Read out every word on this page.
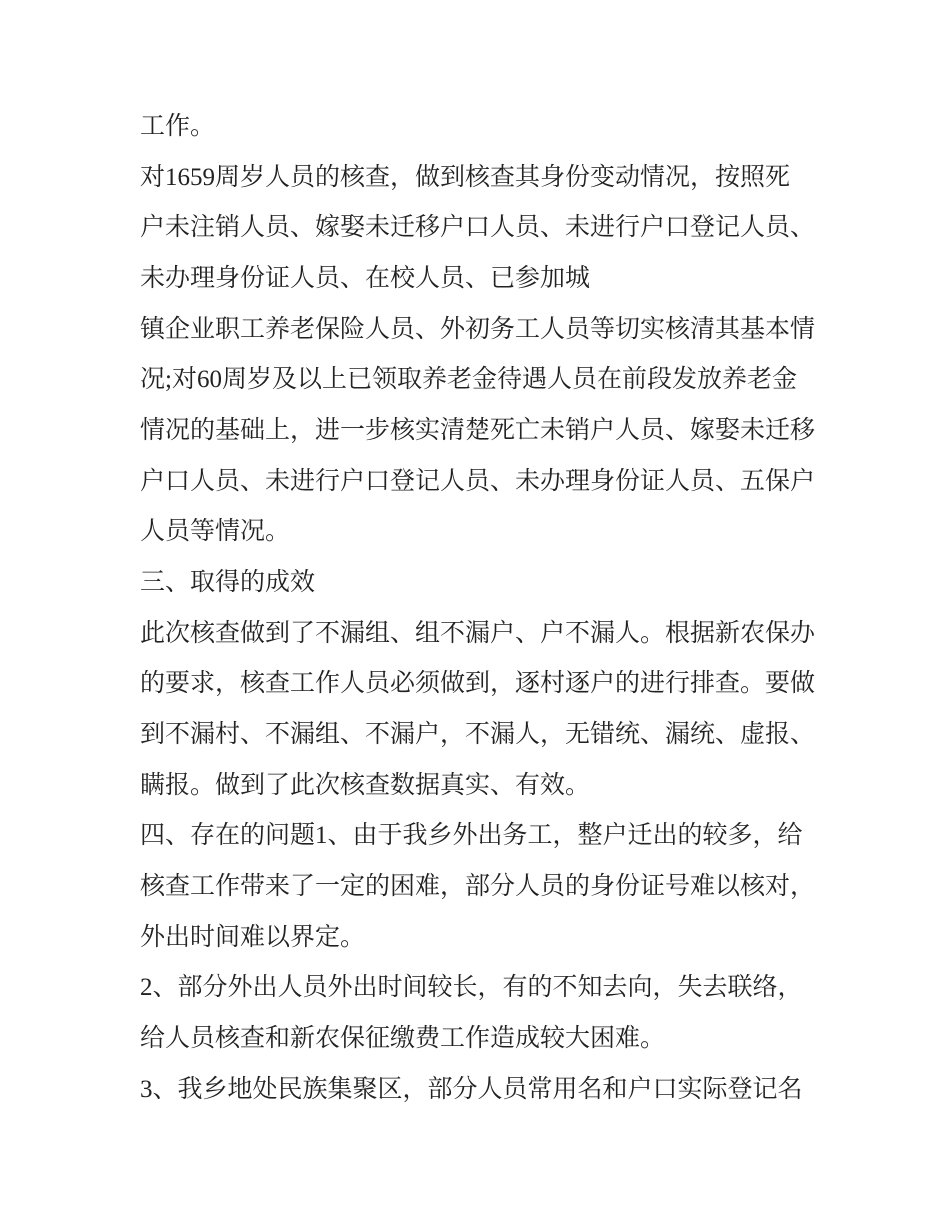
工作。
对1659周岁人员的核查，做到核查其身份变动情况，按照死
户未注销人员、嫁娶未迁移户口人员、未进行户口登记人员、
未办理身份证人员、在校人员、已参加城
镇企业职工养老保险人员、外初务工人员等切实核清其基本情
况;对60周岁及以上已领取养老金待遇人员在前段发放养老金
情况的基础上，进一步核实清楚死亡未销户人员、嫁娶未迁移
户口人员、未进行户口登记人员、未办理身份证人员、五保户
人员等情况。
三、取得的成效
此次核查做到了不漏组、组不漏户、户不漏人。根据新农保办
的要求，核查工作人员必须做到，逐村逐户的进行排查。要做
到不漏村、不漏组、不漏户，不漏人，无错统、漏统、虚报、
瞒报。做到了此次核查数据真实、有效。
四、存在的问题1、由于我乡外出务工，整户迁出的较多，给
核查工作带来了一定的困难，部分人员的身份证号难以核对，
外出时间难以界定。
2、部分外出人员外出时间较长，有的不知去向，失去联络，
给人员核查和新农保征缴费工作造成较大困难。
3、我乡地处民族集聚区，部分人员常用名和户口实际登记名
